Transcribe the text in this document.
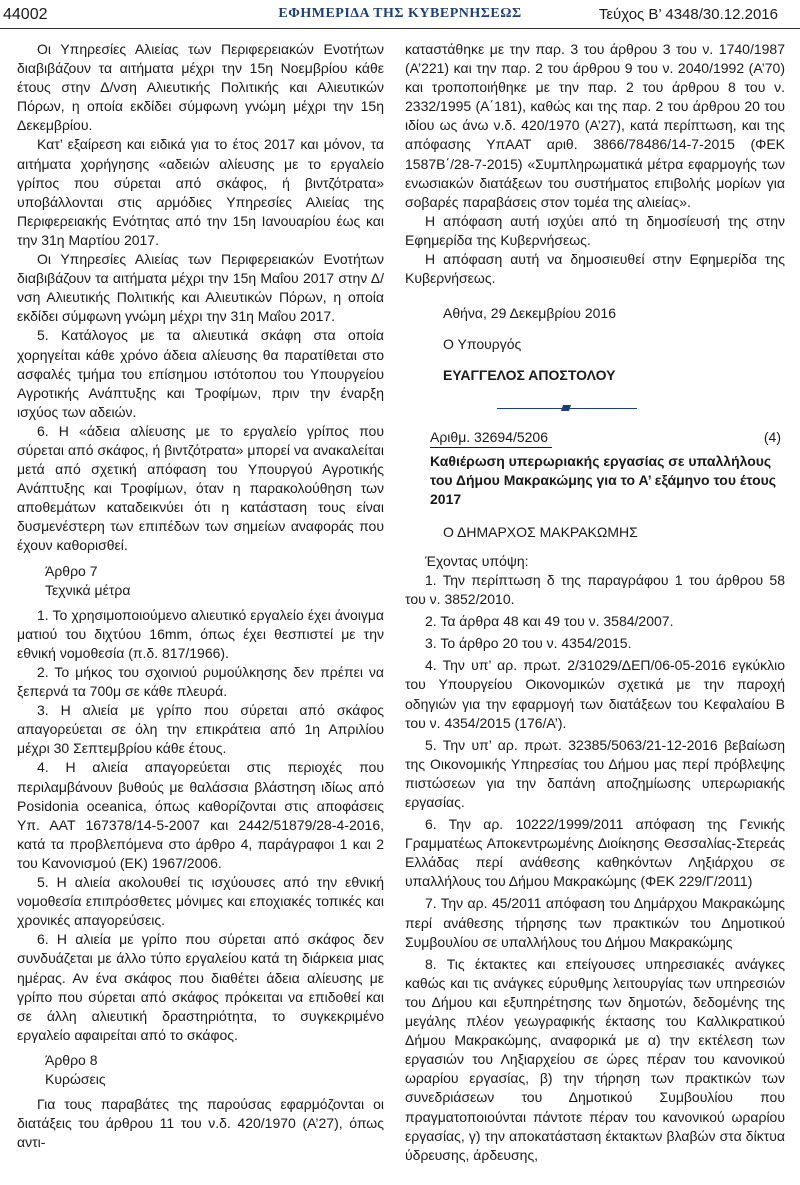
44002	ΕΦΗΜΕΡΙΔΑ ΤΗΣ ΚΥΒΕΡΝΗΣΕΩΣ	Τεύχος B’ 4348/30.12.2016

Οι Υπηρεσίες Αλιείας των Περιφερειακών Ενοτήτων διαβιβάζουν τα αιτήματα μέχρι την 15η Νοεμβρίου κάθε έτους στην Δ/νση Αλιευτικής Πολιτικής και Αλιευτικών Πόρων, η οποία εκδίδει σύμφωνη γνώμη μέχρι την 15η Δεκεμβρίου.

Κατ’ εξαίρεση και ειδικά για το έτος 2017 και μόνον, τα αιτήματα χορήγησης «αδειών αλίευσης με το εργαλείο γρίπος που σύρεται από σκάφος, ή βιντζότρατα» υποβάλλονται στις αρμόδιες Υπηρεσίες Αλιείας της Περιφερειακής Ενότητας από την 15η Ιανουαρίου έως και την 31η Μαρτίου 2017.

Οι Υπηρεσίες Αλιείας των Περιφερειακών Ενοτήτων διαβιβάζουν τα αιτήματα μέχρι την 15η Μαΐου 2017 στην Δ/νση Αλιευτικής Πολιτικής και Αλιευτικών Πόρων, η οποία εκδίδει σύμφωνη γνώμη μέχρι την 31η Μαΐου 2017.

5. Κατάλογος με τα αλιευτικά σκάφη στα οποία χορηγείται κάθε χρόνο άδεια αλίευσης θα παρατίθεται στο ασφαλές τμήμα του επίσημου ιστότοπου του Υπουργείου Αγροτικής Ανάπτυξης και Τροφίμων, πριν την έναρξη ισχύος των αδειών.

6. Η «άδεια αλίευσης με το εργαλείο γρίπος που σύρεται από σκάφος, ή βιντζότρατα» μπορεί να ανακαλείται μετά από σχετική απόφαση του Υπουργού Αγροτικής Ανάπτυξης και Τροφίμων, όταν η παρακολούθηση των αποθεμάτων καταδεικνύει ότι η κατάσταση τους είναι δυσμενέστερη των επιπέδων των σημείων αναφοράς που έχουν καθορισθεί.

Άρθρο 7

Τεχνικά μέτρα

1. Το χρησιμοποιούμενο αλιευτικό εργαλείο έχει άνοιγμα ματιού του διχτύου 16mm, όπως έχει θεσπιστεί με την εθνική νομοθεσία (π.δ. 817/1966).

2. Το μήκος του σχοινιού ρυμούλκησης δεν πρέπει να ξεπερνά τα 700μ σε κάθε πλευρά.

3. Η αλιεία με γρίπο που σύρεται από σκάφος απαγορεύεται σε όλη την επικράτεια από 1η Απριλίου μέχρι 30 Σεπτεμβρίου κάθε έτους.

4. Η αλιεία απαγορεύεται στις περιοχές που περιλαμβάνουν βυθούς με θαλάσσια βλάστηση ιδίως από Posidonia oceanica, όπως καθορίζονται στις αποφάσεις Υπ. ΑΑΤ 167378/14-5-2007 και 2442/51879/28-4-2016, κατά τα προβλεπόμενα στο άρθρο 4, παράγραφοι 1 και 2 του Κανονισμού (ΕΚ) 1967/2006.

5. Η αλιεία ακολουθεί τις ισχύουσες από την εθνική νομοθεσία επιπρόσθετες μόνιμες και εποχιακές τοπικές και χρονικές απαγορεύσεις.

6. Η αλιεία με γρίπο που σύρεται από σκάφος δεν συνδυάζεται με άλλο τύπο εργαλείου κατά τη διάρκεια μιας ημέρας. Αν ένα σκάφος που διαθέτει άδεια αλίευσης με γρίπο που σύρεται από σκάφος πρόκειται να επιδοθεί και σε άλλη αλιευτική δραστηριότητα, το συγκεκριμένο εργαλείο αφαιρείται από το σκάφος.

Άρθρο 8

Κυρώσεις

Για τους παραβάτες της παρούσας εφαρμόζονται οι διατάξεις του άρθρου 11 του ν.δ. 420/1970 (Α’27), όπως αντι-

καταστάθηκε με την παρ. 3 του άρθρου 3 του ν. 1740/1987 (Α’221) και την παρ. 2 του άρθρου 9 του ν. 2040/1992 (Α’70) και τροποποιήθηκε με την παρ. 2 του άρθρου 8 του ν. 2332/1995 (Α΄181), καθώς και της παρ. 2 του άρθρου 20 του ιδίου ως άνω ν.δ. 420/1970 (Α’27), κατά περίπτωση, και της απόφασης ΥπΑΑΤ αριθ. 3866/78486/14-7-2015 (ΦΕΚ 1587Β΄/28-7-2015) «Συμπληρωματικά μέτρα εφαρμογής των ενωσιακών διατάξεων του συστήματος επιβολής μορίων για σοβαρές παραβάσεις στον τομέα της αλιείας».

Η απόφαση αυτή ισχύει από τη δημοσίευσή της στην Εφημερίδα της Κυβερνήσεως.

Η απόφαση αυτή να δημοσιευθεί στην Εφημερίδα της Κυβερνήσεως.

Αθήνα, 29 Δεκεμβρίου 2016

Ο Υπουργός

ΕΥΑΓΓΕΛΟΣ ΑΠΟΣΤΟΛΟΥ

Αριθμ. 32694/5206	(4)

Καθιέρωση υπερωριακής εργασίας σε υπαλλήλους του Δήμου Μακρακώμης για το Α’ εξάμηνο του έτους 2017

Ο ΔΗΜΑΡΧΟΣ ΜΑΚΡΑΚΩΜΗΣ

Έχοντας υπόψη:

1. Την περίπτωση δ της παραγράφου 1 του άρθρου 58 του ν. 3852/2010.

2. Τα άρθρα 48 και 49 του ν. 3584/2007.

3. Το άρθρο 20 του ν. 4354/2015.

4. Την υπ’ αρ. πρωτ. 2/31029/ΔΕΠ/06-05-2016 εγκύκλιο του Υπουργείου Οικονομικών σχετικά με την παροχή οδηγιών για την εφαρμογή των διατάξεων του Κεφαλαίου Β του ν. 4354/2015 (176/Α’).

5. Την υπ’ αρ. πρωτ. 32385/5063/21-12-2016 βεβαίωση της Οικονομικής Υπηρεσίας του Δήμου μας περί πρόβλεψης πιστώσεων για την δαπάνη αποζημίωσης υπερωριακής εργασίας.

6. Την αρ. 10222/1999/2011 απόφαση της Γενικής Γραμματέως Αποκεντρωμένης Διοίκησης Θεσσαλίας-Στερεάς Ελλάδας περί ανάθεσης καθηκόντων Ληξιάρχου σε υπαλλήλους του Δήμου Μακρακώμης (ΦΕΚ 229/Γ/2011)

7. Την αρ. 45/2011 απόφαση του Δημάρχου Μακρακώμης περί ανάθεσης τήρησης των πρακτικών του Δημοτικού Συμβουλίου σε υπαλλήλους του Δήμου Μακρακώμης

8. Τις έκτακτες και επείγουσες υπηρεσιακές ανάγκες καθώς και τις ανάγκες εύρυθμης λειτουργίας των υπηρεσιών του Δήμου και εξυπηρέτησης των δημοτών, δεδομένης της μεγάλης πλέον γεωγραφικής έκτασης του Καλλικρατικού Δήμου Μακρακώμης, αναφορικά με α) την εκτέλεση των εργασιών του Ληξιαρχείου σε ώρες πέραν του κανονικού ωραρίου εργασίας, β) την τήρηση των πρακτικών των συνεδριάσεων του Δημοτικού Συμβουλίου που πραγματοποιούνται πάντοτε πέραν του κανονικού ωραρίου εργασίας, γ) την αποκατάσταση έκτακτων βλαβών στα δίκτυα ύδρευσης, άρδευσης,
